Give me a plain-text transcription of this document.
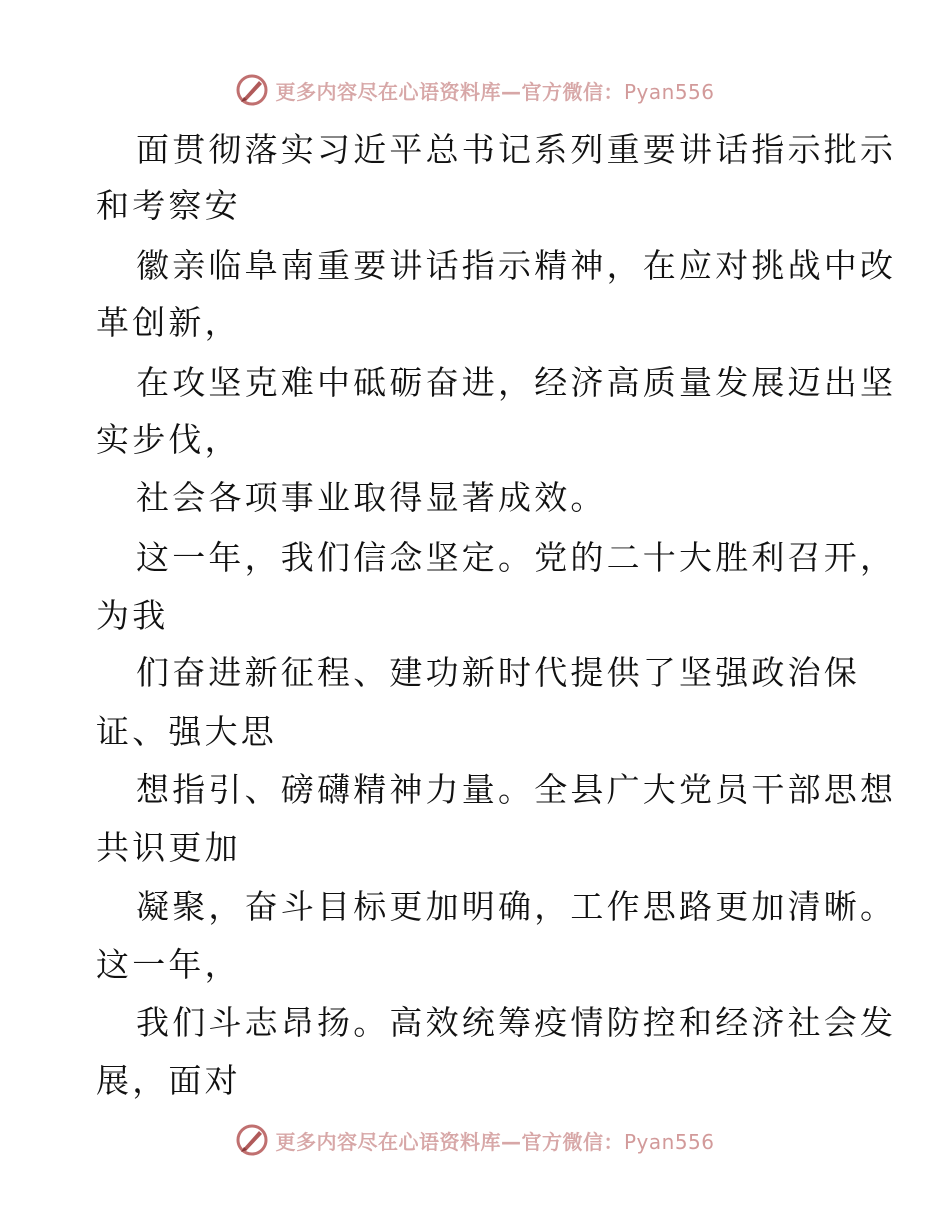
更多内容尽在心语资料库—官方微信：Pyan556
面贯彻落实习近平总书记系列重要讲话指示批示
和考察安
徽亲临阜南重要讲话指示精神，在应对挑战中改
革创新，
在攻坚克难中砥砺奋进，经济高质量发展迈出坚
实步伐，
社会各项事业取得显著成效。
这一年，我们信念坚定。党的二十大胜利召开，
为我
们奋进新征程、建功新时代提供了坚强政治保
证、强大思
想指引、磅礴精神力量。全县广大党员干部思想
共识更加
凝聚，奋斗目标更加明确，工作思路更加清晰。
这一年，
我们斗志昂扬。高效统筹疫情防控和经济社会发
展，面对
更多内容尽在心语资料库—官方微信：Pyan556
